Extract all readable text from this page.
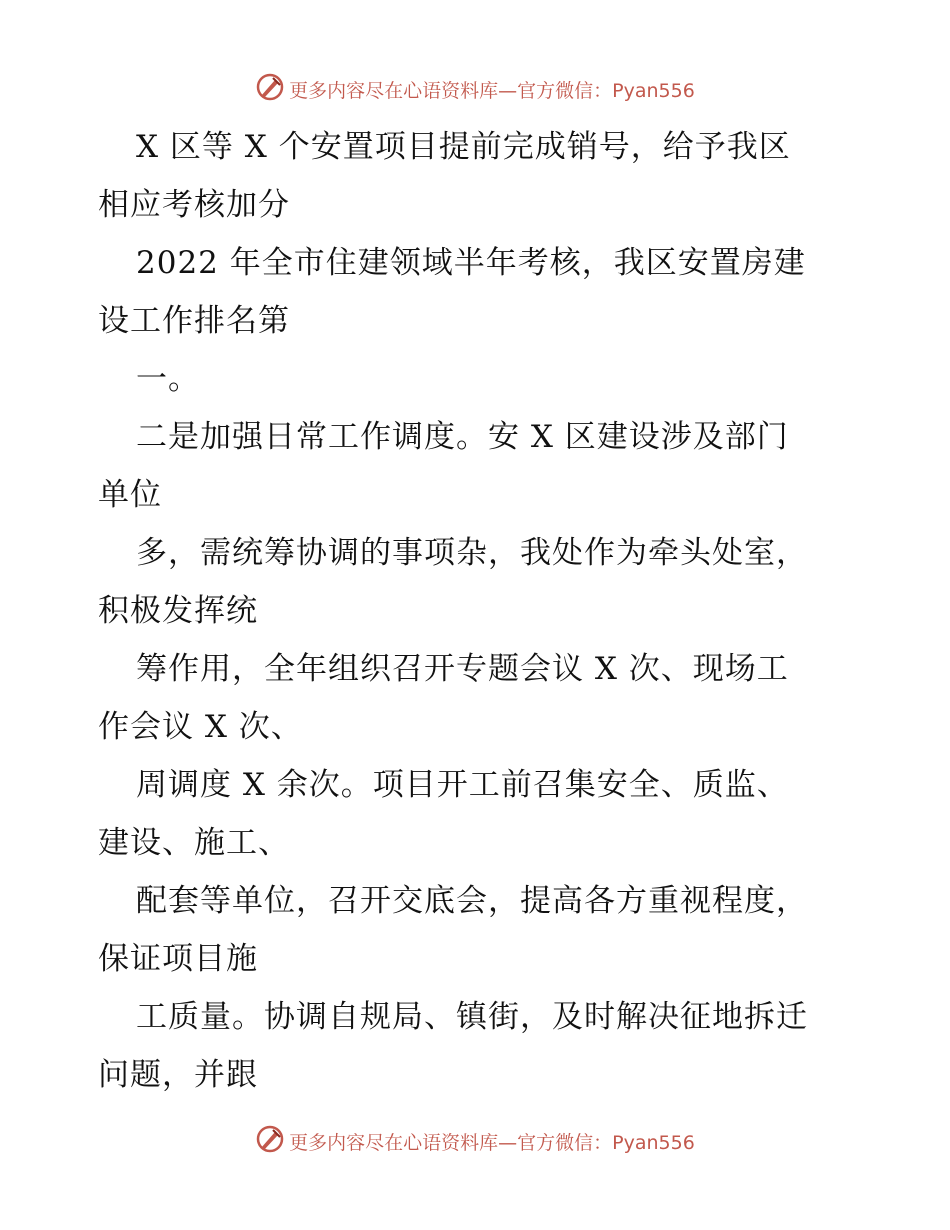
更多内容尽在心语资料库—官方微信：Pyan556

X 区等 X 个安置项目提前完成销号，给予我区
相应考核加分

2022 年全市住建领域半年考核，我区安置房建
设工作排名第

一。

二是加强日常工作调度。安 X 区建设涉及部门
单位

多，需统筹协调的事项杂，我处作为牵头处室，
积极发挥统

筹作用，全年组织召开专题会议 X 次、现场工
作会议 X 次、

周调度 X 余次。项目开工前召集安全、质监、
建设、施工、

配套等单位，召开交底会，提高各方重视程度，
保证项目施

工质量。协调自规局、镇街，及时解决征地拆迁
问题，并跟

更多内容尽在心语资料库—官方微信：Pyan556
